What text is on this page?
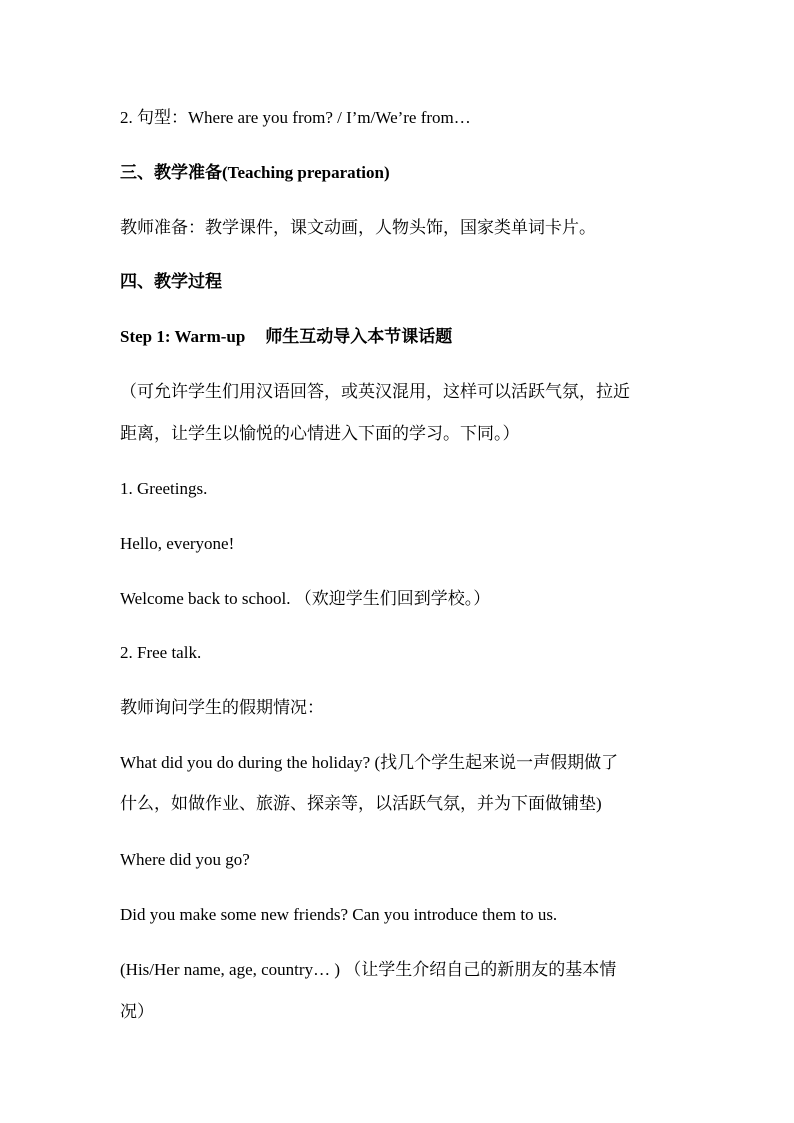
2. 句型：Where are you from? / I’m/We’re from…
三、教学准备(Teaching preparation)
教师准备：教学课件，课文动画，人物头饰，国家类单词卡片。
四、教学过程
Step 1: Warm-up 师生互动导入本节课话题
（可允许学生们用汉语回答，或英汉混用，这样可以活跃气氛，拉近
距离，让学生以愉悦的心情进入下面的学习。下同。）
1. Greetings.
Hello, everyone!
Welcome back to school. （欢迎学生们回到学校。）
2. Free talk.
教师询问学生的假期情况：
What did you do during the holiday? (找几个学生起来说一声假期做了
什么，如做作业、旅游、探亲等，以活跃气氛，并为下面做铺垫)
Where did you go?
Did you make some new friends? Can you introduce them to us.
(His/Her name, age, country… ) （让学生介绍自己的新朋友的基本情
况）
